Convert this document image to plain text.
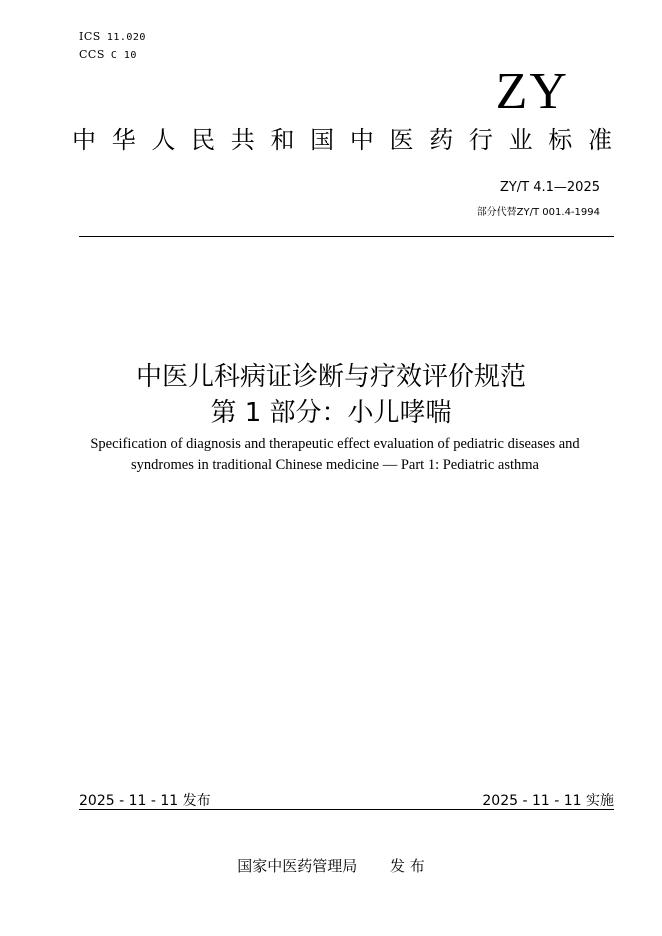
ICS 11.020
CCS C 10
ZY
中 华 人 民 共 和 国 中 医 药 行 业 标 准
ZY/T 4.1—2025
部分代替ZY/T 001.4-1994
中医儿科病证诊断与疗效评价规范
第 1 部分：小儿哮喘
Specification of diagnosis and therapeutic effect evaluation of pediatric diseases and
syndromes in traditional Chinese medicine — Part 1: Pediatric asthma
2025 - 11 - 11 发布	2025 - 11 - 11 实施
国家中医药管理局 发 布
